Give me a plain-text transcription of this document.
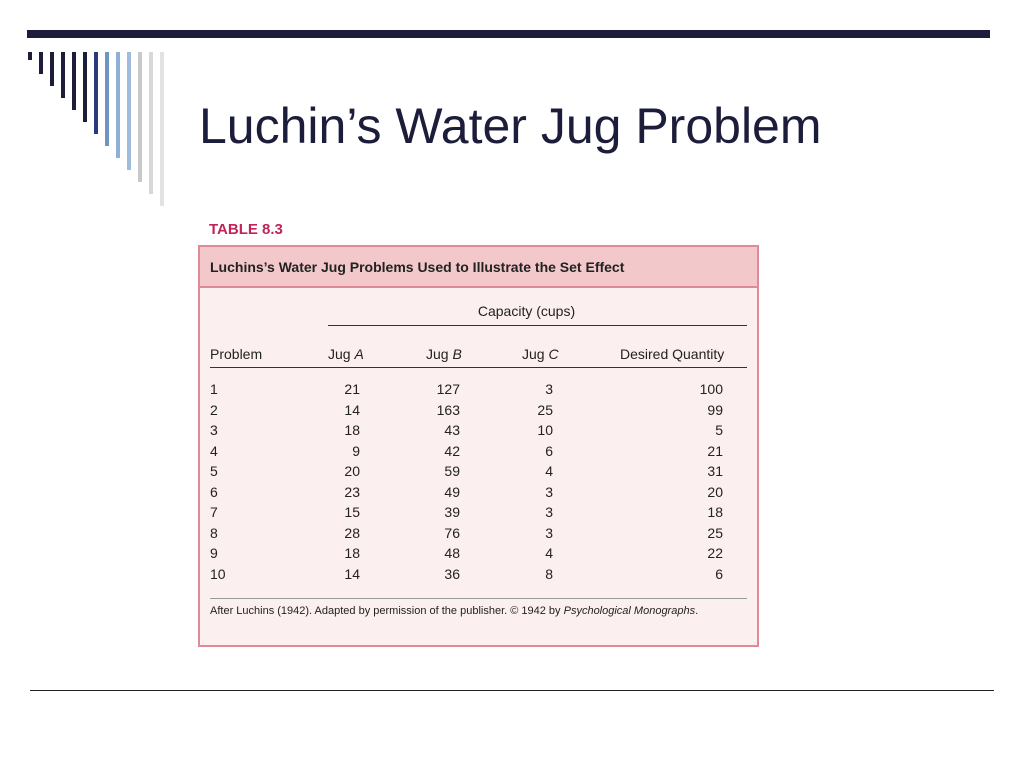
Luchin’s Water Jug Problem
TABLE 8.3
Luchins’s Water Jug Problems Used to Illustrate the Set Effect
Capacity (cups)
Problem	Jug A	Jug B	Jug C	Desired Quantity
1	21	127	3	100
2	14	163	25	99
3	18	43	10	5
4	9	42	6	21
5	20	59	4	31
6	23	49	3	20
7	15	39	3	18
8	28	76	3	25
9	18	48	4	22
10	14	36	8	6
After Luchins (1942). Adapted by permission of the publisher. © 1942 by Psychological Monographs.
